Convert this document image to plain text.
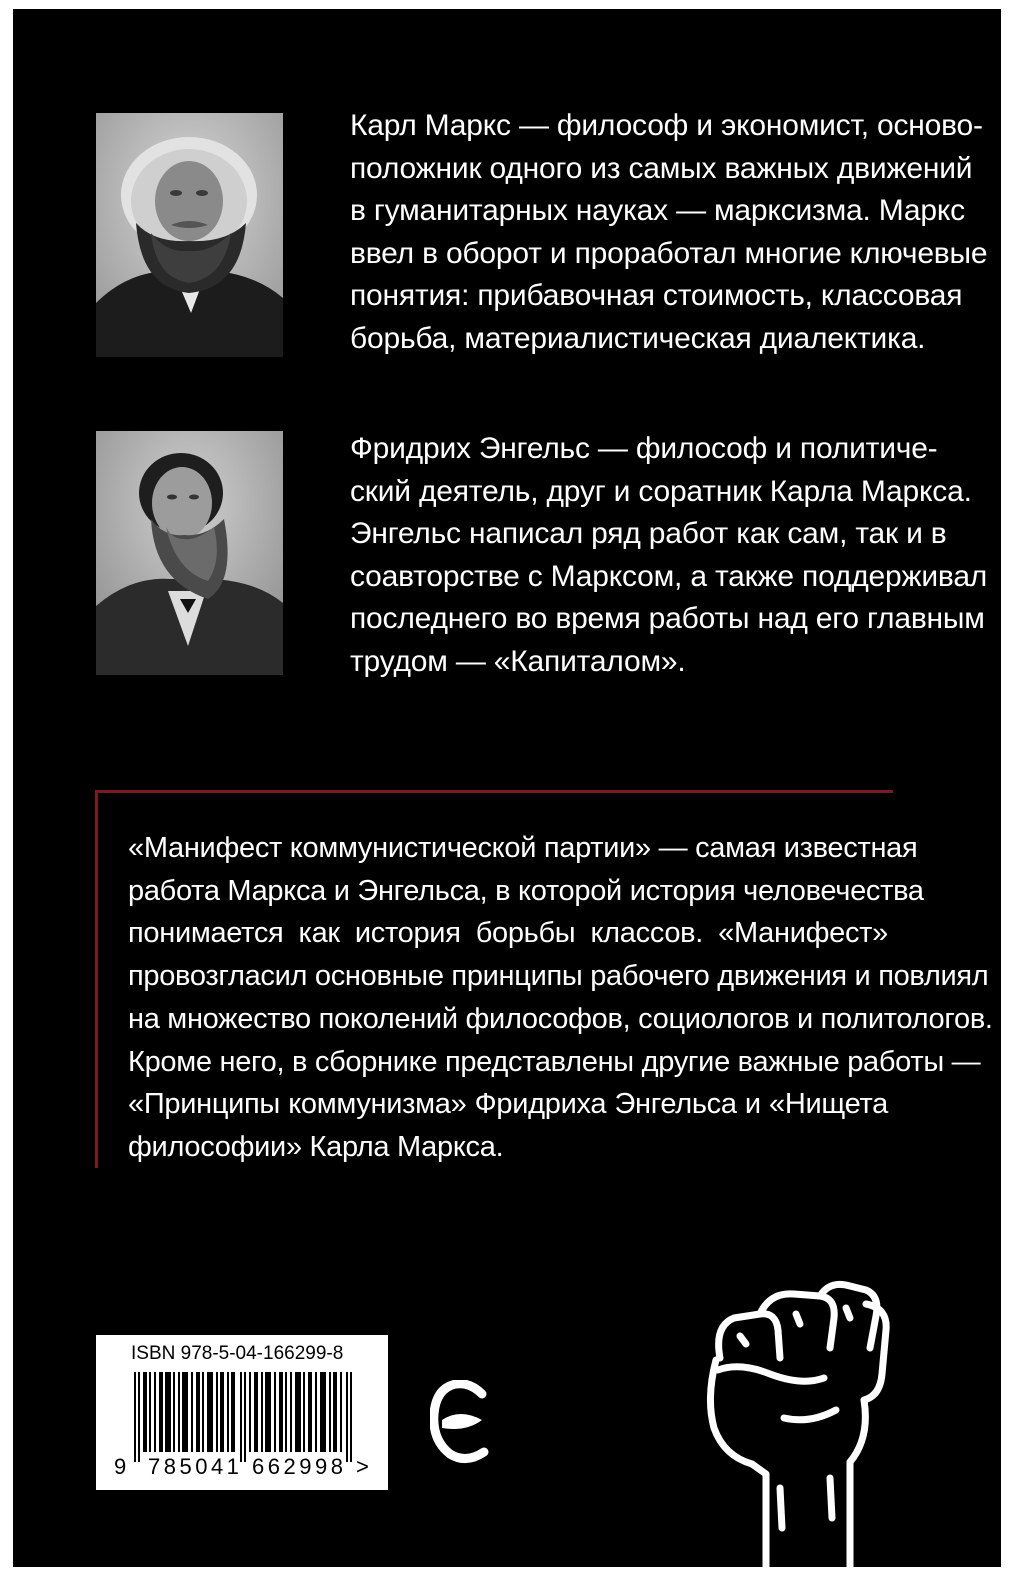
Карл Маркс — философ и экономист, осново-
положник одного из самых важных движений
в гуманитарных науках — марксизма. Маркс
ввел в оборот и проработал многие ключевые
понятия: прибавочная стоимость, классовая
борьба, материалистическая диалектика.
Фридрих Энгельс — философ и политиче-
ский деятель, друг и соратник Карла Маркса.
Энгельс написал ряд работ как сам, так и в
соавторстве с Марксом, а также поддерживал
последнего во время работы над его главным
трудом — «Капиталом».
«Манифест коммунистической партии» — самая известная
работа Маркса и Энгельса, в которой история человечества
понимается как история борьбы классов. «Манифест»
провозгласил основные принципы рабочего движения и повлиял
на множество поколений философов, социологов и политологов.
Кроме него, в сборнике представлены другие важные работы —
«Принципы коммунизма» Фридриха Энгельса и «Нищета
философии» Карла Маркса.
ISBN 978-5-04-166299-8
9 785041 662998 >
